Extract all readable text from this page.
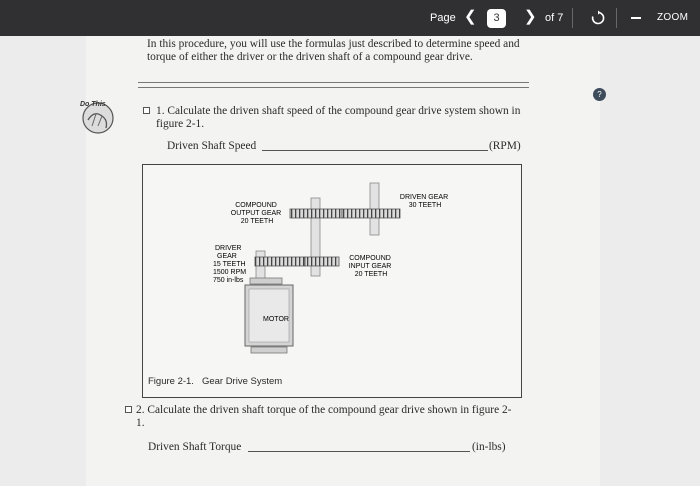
Page ❮
3	❯ of 7	ZOOM

In this procedure, you will use the formulas just described to determine speed and torque of either the driver or the driven shaft of a compound gear drive.

1. Calculate the driven shaft speed of the compound gear drive system shown in figure 2-1.

Driven Shaft Speed	(RPM)
DRIVEN GEAR 30 TEETH
COMPOUND OUTPUT GEAR 20 TEETH
DRIVER GEAR 15 TEETH 1500 RPM 750 in-lbs
COMPOUND INPUT GEAR 20 TEETH
MOTOR
Figure 2-1. Gear Drive System

2. Calculate the driven shaft torque of the compound gear drive shown in figure 2-1.

Driven Shaft Torque	(in-lbs)
Do This
?
